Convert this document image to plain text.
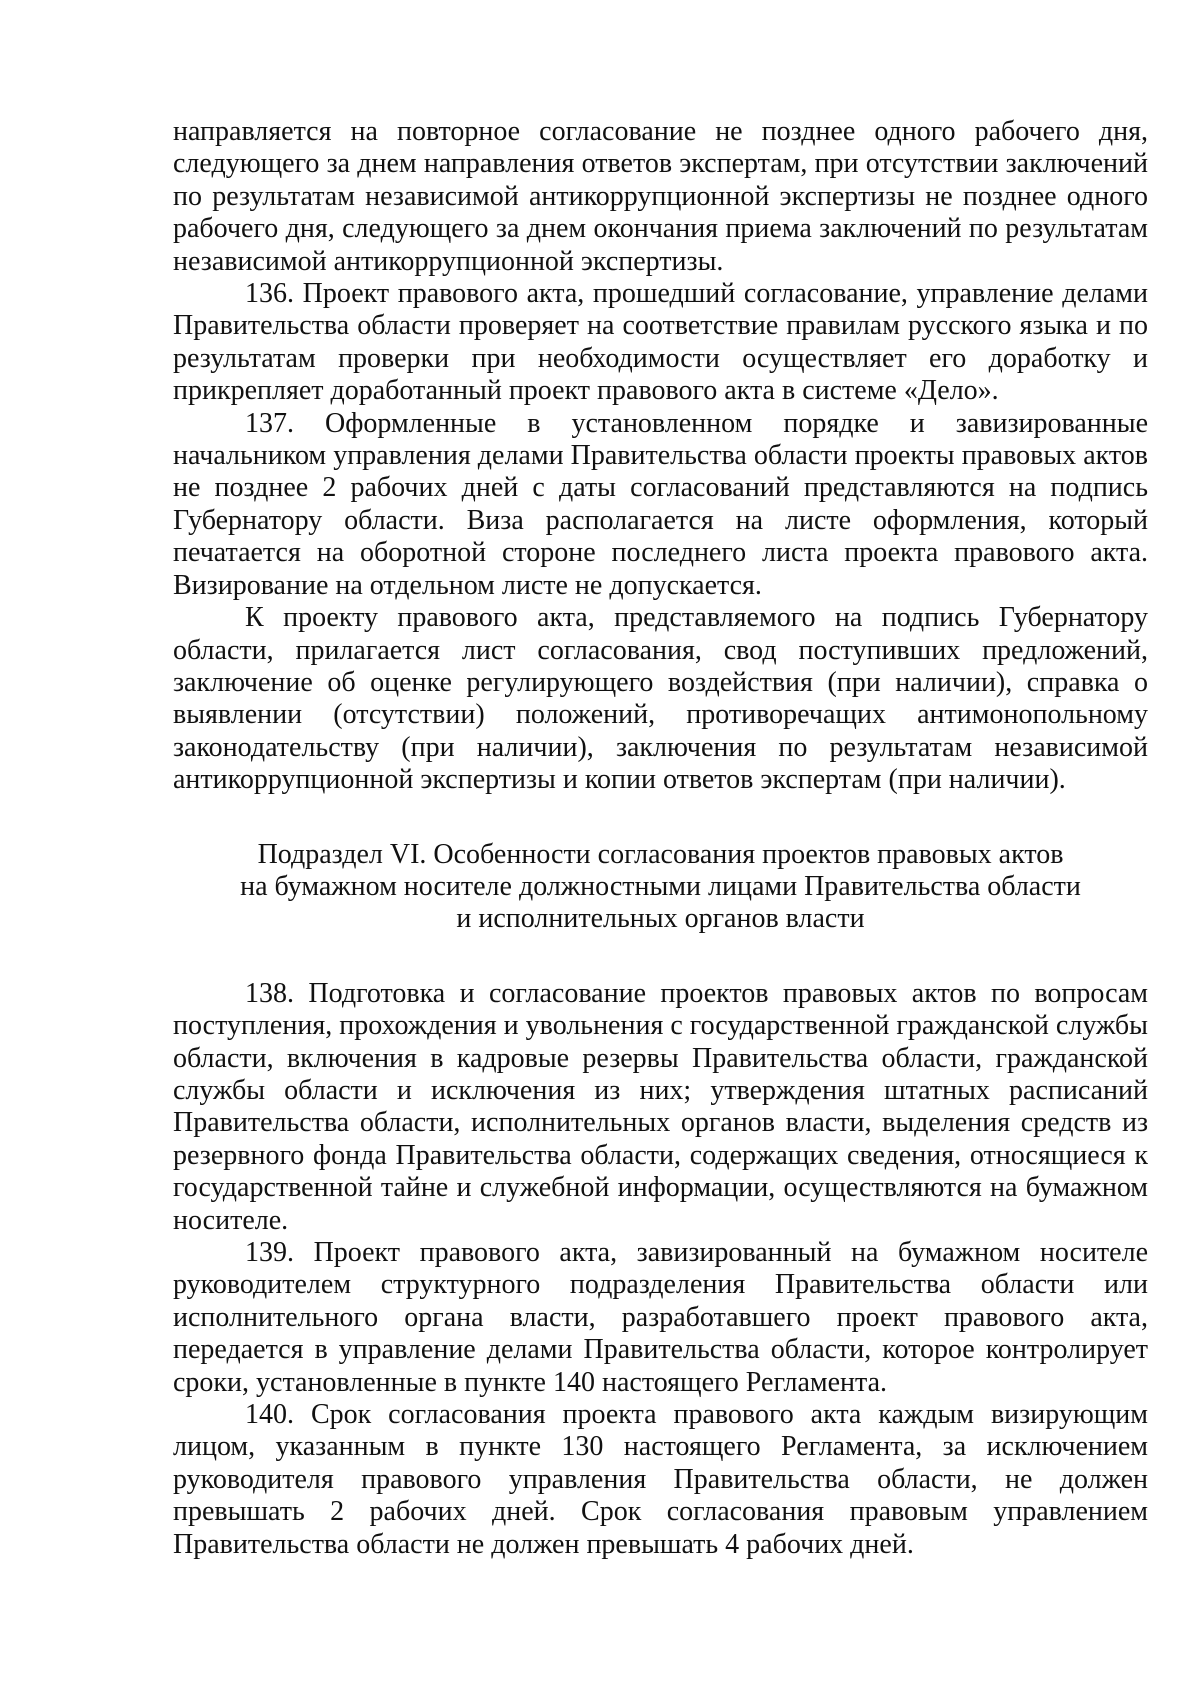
направляется на повторное согласование не позднее одного рабочего дня, следующего за днем направления ответов экспертам, при отсутствии заключений по результатам независимой антикоррупционной экспертизы не позднее одного рабочего дня, следующего за днем окончания приема заключений по результатам независимой антикоррупционной экспертизы.

136. Проект правового акта, прошедший согласование, управление делами Правительства области проверяет на соответствие правилам русского языка и по результатам проверки при необходимости осуществляет его доработку и прикрепляет доработанный проект правового акта в системе «Дело».

137. Оформленные в установленном порядке и завизированные начальником управления делами Правительства области проекты правовых актов не позднее 2 рабочих дней с даты согласований представляются на подпись Губернатору области. Виза располагается на листе оформления, который печатается на оборотной стороне последнего листа проекта правового акта. Визирование на отдельном листе не допускается.

К проекту правового акта, представляемого на подпись Губернатору области, прилагается лист согласования, свод поступивших предложений, заключение об оценке регулирующего воздействия (при наличии), справка о выявлении (отсутствии) положений, противоречащих антимонопольному законодательству (при наличии), заключения по результатам независимой антикоррупционной экспертизы и копии ответов экспертам (при наличии).

Подраздел VI. Особенности согласования проектов правовых актов
на бумажном носителе должностными лицами Правительства области
и исполнительных органов власти

138. Подготовка и согласование проектов правовых актов по вопросам поступления, прохождения и увольнения с государственной гражданской службы области, включения в кадровые резервы Правительства области, гражданской службы области и исключения из них; утверждения штатных расписаний Правительства области, исполнительных органов власти, выделения средств из резервного фонда Правительства области, содержащих сведения, относящиеся к государственной тайне и служебной информации, осуществляются на бумажном носителе.

139. Проект правового акта, завизированный на бумажном носителе руководителем структурного подразделения Правительства области или исполнительного органа власти, разработавшего проект правового акта, передается в управление делами Правительства области, которое контролирует сроки, установленные в пункте 140 настоящего Регламента.

140. Срок согласования проекта правового акта каждым визирующим лицом, указанным в пункте 130 настоящего Регламента, за исключением руководителя правового управления Правительства области, не должен превышать 2 рабочих дней. Срок согласования правовым управлением Правительства области не должен превышать 4 рабочих дней.
